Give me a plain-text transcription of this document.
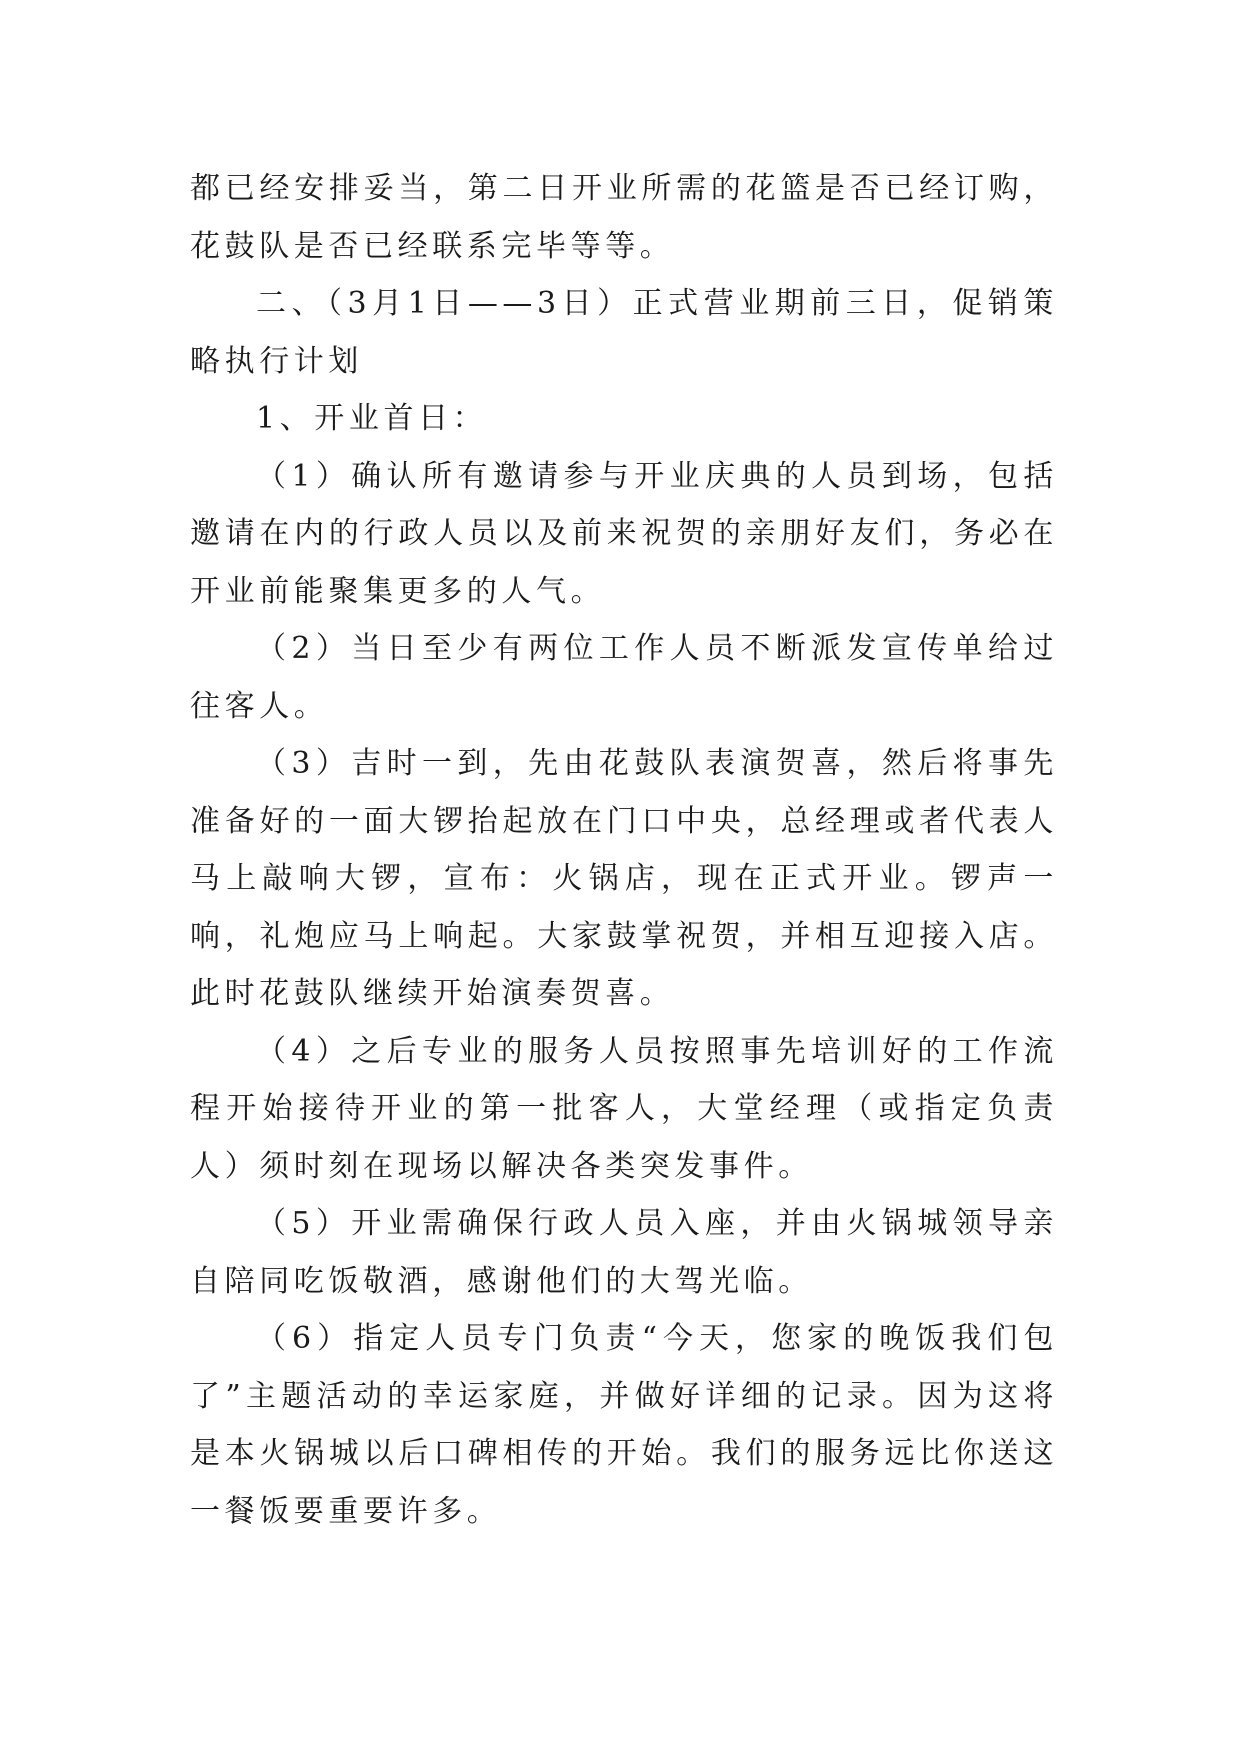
都已经安排妥当，第二日开业所需的花篮是否已经订购，花鼓队是否已经联系完毕等等。

二、（3月1日——3日）正式营业期前三日，促销策略执行计划

1、开业首日：

（1）确认所有邀请参与开业庆典的人员到场，包括邀请在内的行政人员以及前来祝贺的亲朋好友们，务必在开业前能聚集更多的人气。

（2）当日至少有两位工作人员不断派发宣传单给过往客人。

（3）吉时一到，先由花鼓队表演贺喜，然后将事先准备好的一面大锣抬起放在门口中央，总经理或者代表人马上敲响大锣，宣布：火锅店，现在正式开业。锣声一响，礼炮应马上响起。大家鼓掌祝贺，并相互迎接入店。此时花鼓队继续开始演奏贺喜。

（4）之后专业的服务人员按照事先培训好的工作流程开始接待开业的第一批客人，大堂经理（或指定负责人）须时刻在现场以解决各类突发事件。

（5）开业需确保行政人员入座，并由火锅城领导亲自陪同吃饭敬酒，感谢他们的大驾光临。

（6）指定人员专门负责“今天，您家的晚饭我们包了”主题活动的幸运家庭，并做好详细的记录。因为这将是本火锅城以后口碑相传的开始。我们的服务远比你送这一餐饭要重要许多。
